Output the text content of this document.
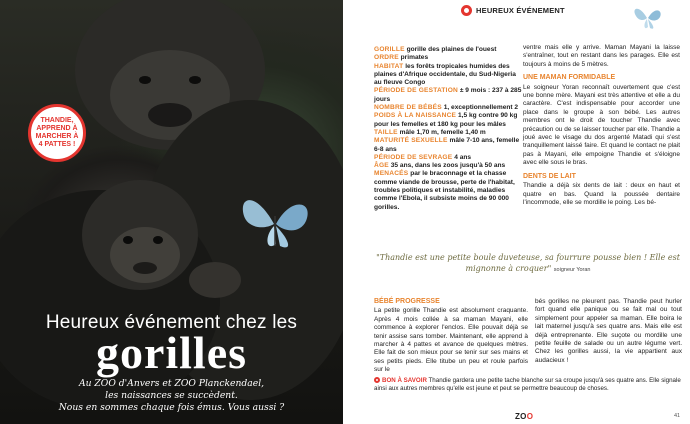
THANDIE, APPREND À MARCHER À 4 PATTES !
Heureux événement chez les
gorilles
Au ZOO d'Anvers et ZOO Planckendael,
les naissances se succèdent.
Nous en sommes chaque fois émus. Vous aussi ?
HEUREUX ÉVÉNEMENT

GORILLE gorille des plaines de l'ouest

ORDRE primates

HABITAT les forêts tropicales humides des plaines d'Afrique occidentale, du Sud-Nigeria au fleuve Congo

PÉRIODE DE GESTATION ± 9 mois : 237 à 285 jours

NOMBRE DE BÉBÉS 1, exceptionnellement 2

POIDS À LA NAISSANCE 1,5 kg contre 90 kg pour les femelles et 180 kg pour les mâles

TAILLE mâle 1,70 m, femelle 1,40 m

MATURITÉ SEXUELLE mâle 7-10 ans, femelle 6-8 ans

PÉRIODE DE SEVRAGE 4 ans

ÂGE 35 ans, dans les zoos jusqu'à 50 ans

MENACÉS par le braconnage et la chasse comme viande de brousse, perte de l'habitat, troubles politiques et instabilité, maladies comme l'Ebola, il subsiste moins de 90 000 gorilles.

ventre mais elle y arrive. Maman Mayani la laisse s'entraîner, tout en restant dans les parages. Elle est toujours à moins de 5 mètres.

UNE MAMAN FORMIDABLE

Le soigneur Yoran reconnaît ouvertement que c'est une bonne mère. Mayani est très attentive et elle a du caractère. C'est indispensable pour accorder une place dans le groupe à son bébé. Les autres membres ont le droit de toucher Thandie avec précaution ou de se laisser toucher par elle. Thandie a joué avec le visage du dos argenté Matadi qui s'est tranquillement laissé faire. Et quand le contact ne plait pas à Mayani, elle empoigne Thandie et s'éloigne avec elle sous le bras.

DENTS DE LAIT

Thandie a déjà six dents de lait : deux en haut et quatre en bas. Quand la poussée dentaire l'incommode, elle se mordille le poing. Les bé-

"Thandie est une petite boule duveteuse, sa fourrure pousse bien ! Elle est mignonne à croquer" soigneur Yoran
BÉBÉ PROGRESSE

La petite gorille Thandie est absolument craquante. Après 4 mois collée à sa maman Mayani, elle commence à explorer l'enclos. Elle pouvait déjà se tenir assise sans tomber. Maintenant, elle apprend à marcher à 4 pattes et avance de quelques mètres. Elle fait de son mieux pour se tenir sur ses mains et ses petits pieds. Elle titube un peu et roule parfois sur le

bés gorilles ne pleurent pas. Thandie peut hurler fort quand elle panique ou se fait mal ou tout simplement pour appeler sa maman. Elle boira le lait maternel jusqu'à ses quatre ans. Mais elle est déjà entreprenante. Elle suçote ou mordille une petite feuille de salade ou un autre légume vert. Chez les gorilles aussi, la vie appartient aux audacieux !

BON À SAVOIR Thandie gardera une petite tache blanche sur sa croupe jusqu'à ses quatre ans. Elle signale ainsi aux autres membres qu'elle est jeune et peut se permettre beaucoup de choses.
ZOO	41
